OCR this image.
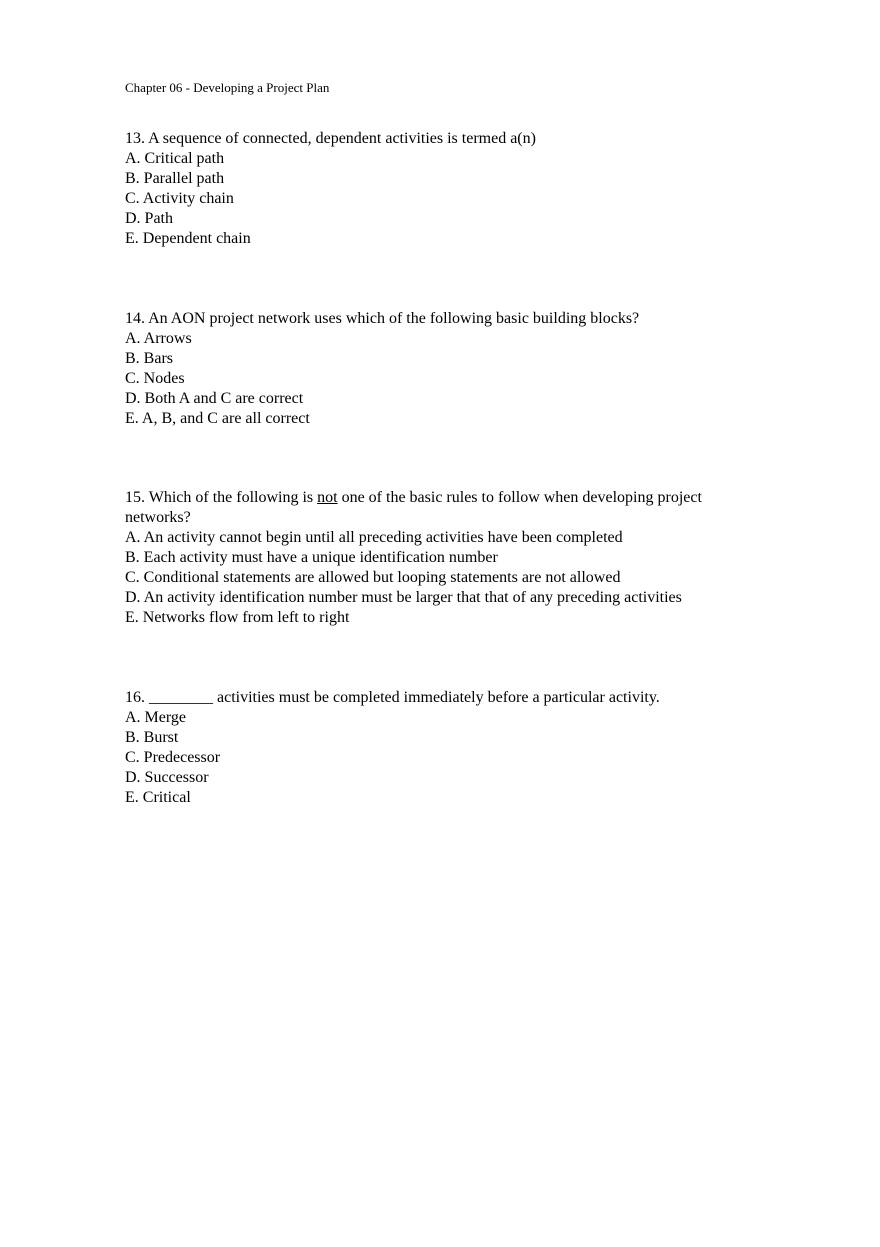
Chapter 06 - Developing a Project Plan
13. A sequence of connected, dependent activities is termed a(n)
A. Critical path
B. Parallel path
C. Activity chain
D. Path
E. Dependent chain
14. An AON project network uses which of the following basic building blocks?
A. Arrows
B. Bars
C. Nodes
D. Both A and C are correct
E. A, B, and C are all correct
15. Which of the following is not one of the basic rules to follow when developing project networks?
A. An activity cannot begin until all preceding activities have been completed
B. Each activity must have a unique identification number
C. Conditional statements are allowed but looping statements are not allowed
D. An activity identification number must be larger that that of any preceding activities
E. Networks flow from left to right
16. ________ activities must be completed immediately before a particular activity.
A. Merge
B. Burst
C. Predecessor
D. Successor
E. Critical
